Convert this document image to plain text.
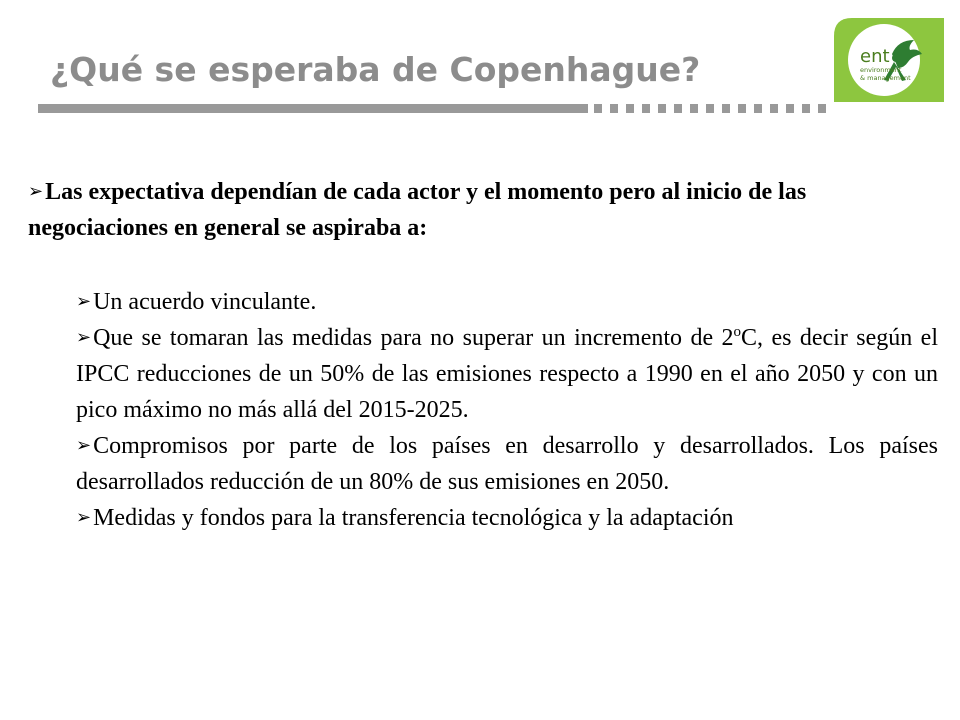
¿Qué se esperaba de Copenhague?	ent
environment
& management
➢Las expectativa dependían de cada actor y el momento pero al inicio de las negociaciones en general se aspiraba a:
➢Un acuerdo vinculante.
➢Que se tomaran las medidas para no superar un incremento de 2$^o$C, es decir según el IPCC reducciones de un 50% de las emisiones respecto a 1990 en el año 2050 y con un pico máximo no más allá del 2015-2025.
➢Compromisos por parte de los países en desarrollo y desarrollados. Los países desarrollados reducción de un 80% de sus emisiones en 2050.
➢Medidas y fondos para la transferencia tecnológica y la adaptación
